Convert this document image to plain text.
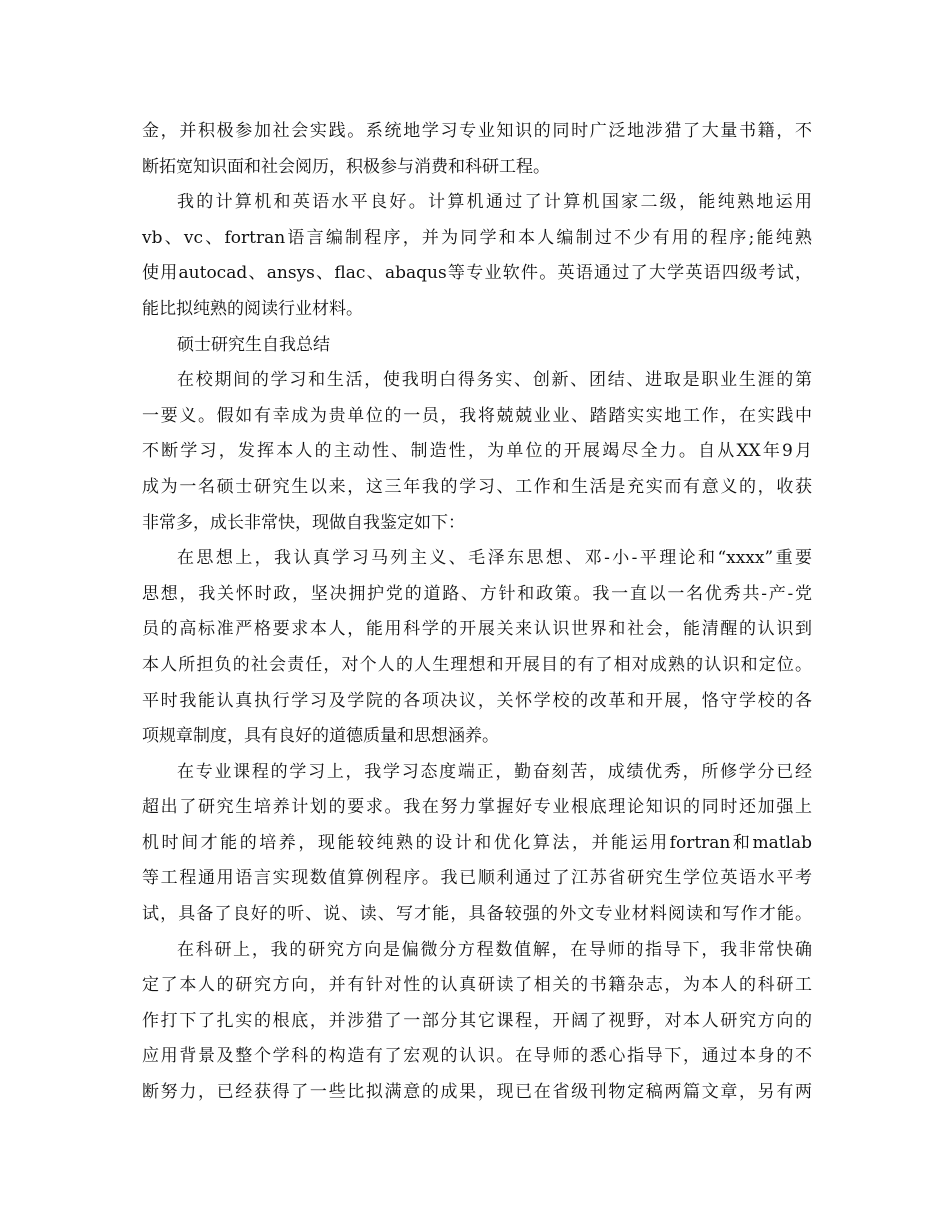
金，并积极参加社会实践。系统地学习专业知识的同时广泛地涉猎了大量书籍，不
断拓宽知识面和社会阅历，积极参与消费和科研工程。
我的计算机和英语水平良好。计算机通过了计算机国家二级，能纯熟地运用
vb、vc、fortran语言编制程序，并为同学和本人编制过不少有用的程序;能纯熟
使用autocad、ansys、flac、abaqus等专业软件。英语通过了大学英语四级考试，
能比拟纯熟的阅读行业材料。
硕士研究生自我总结
在校期间的学习和生活，使我明白得务实、创新、团结、进取是职业生涯的第
一要义。假如有幸成为贵单位的一员，我将兢兢业业、踏踏实实地工作，在实践中
不断学习，发挥本人的主动性、制造性，为单位的开展竭尽全力。自从XX年9月
成为一名硕士研究生以来，这三年我的学习、工作和生活是充实而有意义的，收获
非常多，成长非常快，现做自我鉴定如下：
在思想上，我认真学习马列主义、毛泽东思想、邓-小-平理论和“xxxx”重要
思想，我关怀时政，坚决拥护党的道路、方针和政策。我一直以一名优秀共-产-党
员的高标准严格要求本人，能用科学的开展关来认识世界和社会，能清醒的认识到
本人所担负的社会责任，对个人的人生理想和开展目的有了相对成熟的认识和定位。
平时我能认真执行学习及学院的各项决议，关怀学校的改革和开展，恪守学校的各
项规章制度，具有良好的道德质量和思想涵养。
在专业课程的学习上，我学习态度端正，勤奋刻苦，成绩优秀，所修学分已经
超出了研究生培养计划的要求。我在努力掌握好专业根底理论知识的同时还加强上
机时间才能的培养，现能较纯熟的设计和优化算法，并能运用fortran和matlab
等工程通用语言实现数值算例程序。我已顺利通过了江苏省研究生学位英语水平考
试，具备了良好的听、说、读、写才能，具备较强的外文专业材料阅读和写作才能。
在科研上，我的研究方向是偏微分方程数值解，在导师的指导下，我非常快确
定了本人的研究方向，并有针对性的认真研读了相关的书籍杂志，为本人的科研工
作打下了扎实的根底，并涉猎了一部分其它课程，开阔了视野，对本人研究方向的
应用背景及整个学科的构造有了宏观的认识。在导师的悉心指导下，通过本身的不
断努力，已经获得了一些比拟满意的成果，现已在省级刊物定稿两篇文章，另有两
